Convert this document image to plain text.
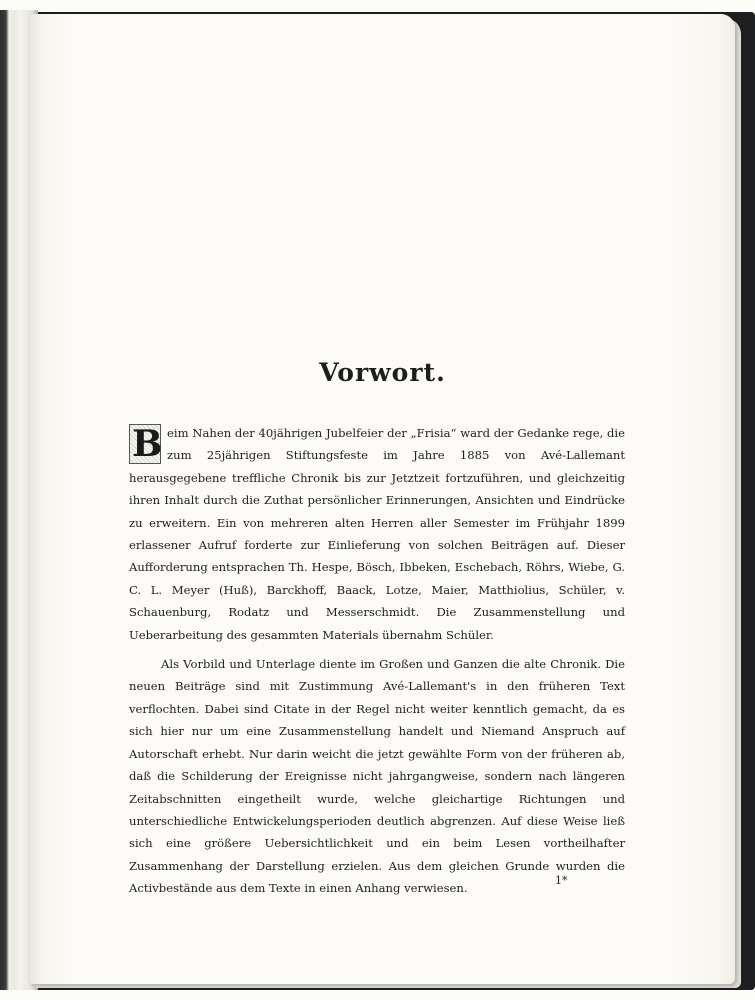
Vorwort.

B eim Nahen der 40jährigen Jubelfeier der „Frisia“ ward der Gedanke rege, die zum 25jährigen Stiftungsfeste im Jahre 1885 von Avé-Lallemant herausgegebene treffliche Chronik bis zur Jetztzeit fortzuführen, und gleichzeitig ihren Inhalt durch die Zuthat persönlicher Erinnerungen, Ansichten und Eindrücke zu erweitern. Ein von mehreren alten Herren aller Semester im Frühjahr 1899 erlassener Aufruf forderte zur Einlieferung von solchen Beiträgen auf. Dieser Aufforderung entsprachen Th. Hespe, Bösch, Ibbeken, Eschebach, Röhrs, Wiebe, G. C. L. Meyer (Huß), Barckhoff, Baack, Lotze, Maier, Matthiolius, Schüler, v. Schauenburg, Rodatz und Messerschmidt. Die Zusammenstellung und Ueberarbeitung des gesammten Materials übernahm Schüler.

Als Vorbild und Unterlage diente im Großen und Ganzen die alte Chronik. Die neuen Beiträge sind mit Zustimmung Avé-Lallemant's in den früheren Text verflochten. Dabei sind Citate in der Regel nicht weiter kenntlich gemacht, da es sich hier nur um eine Zusammenstellung handelt und Niemand Anspruch auf Autorschaft erhebt. Nur darin weicht die jetzt gewählte Form von der früheren ab, daß die Schilderung der Ereignisse nicht jahrgangweise, sondern nach längeren Zeitabschnitten eingetheilt wurde, welche gleichartige Richtungen und unterschiedliche Entwickelungsperioden deutlich abgrenzen. Auf diese Weise ließ sich eine größere Uebersichtlichkeit und ein beim Lesen vortheilhafter Zusammenhang der Darstellung erzielen. Aus dem gleichen Grunde wurden die Activbestände aus dem Texte in einen Anhang verwiesen.

1*
